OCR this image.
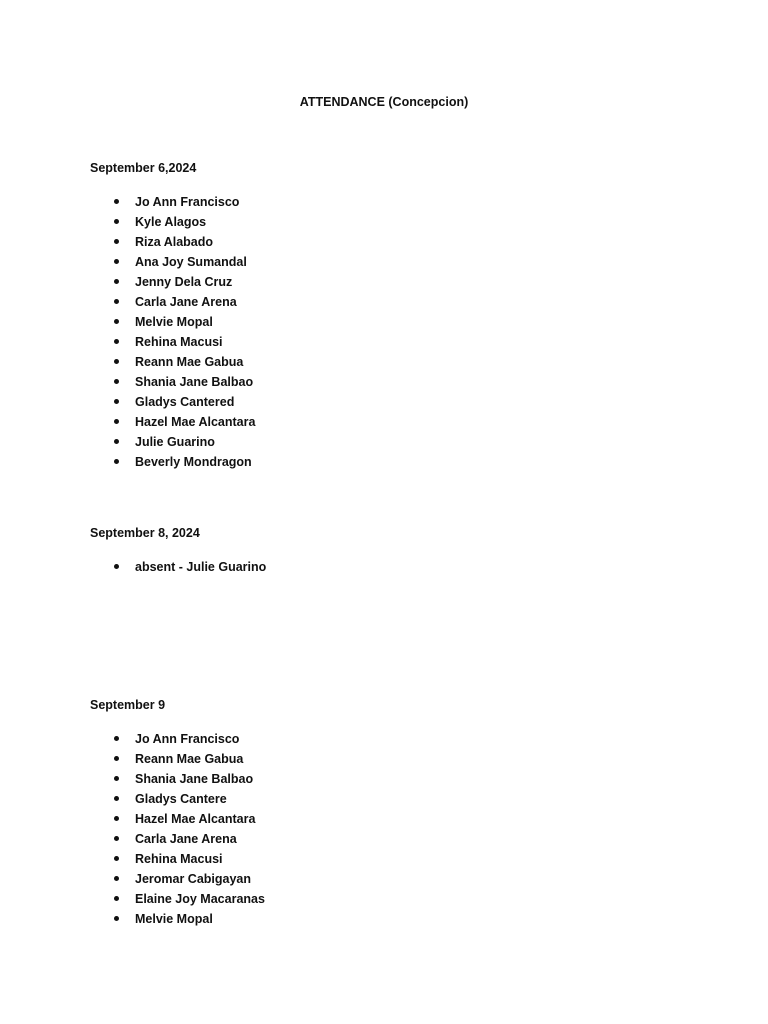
ATTENDANCE (Concepcion)

September 6,2024

Jo Ann Francisco
Kyle Alagos
Riza Alabado
Ana Joy Sumandal
Jenny Dela Cruz
Carla Jane Arena
Melvie Mopal
Rehina Macusi
Reann Mae Gabua
Shania Jane Balbao
Gladys Cantered
Hazel Mae Alcantara
Julie Guarino
Beverly Mondragon

September 8, 2024

absent - Julie Guarino

September 9

Jo Ann Francisco
Reann Mae Gabua
Shania Jane Balbao
Gladys Cantere
Hazel Mae Alcantara
Carla Jane Arena
Rehina Macusi
Jeromar Cabigayan
Elaine Joy Macaranas
Melvie Mopal
